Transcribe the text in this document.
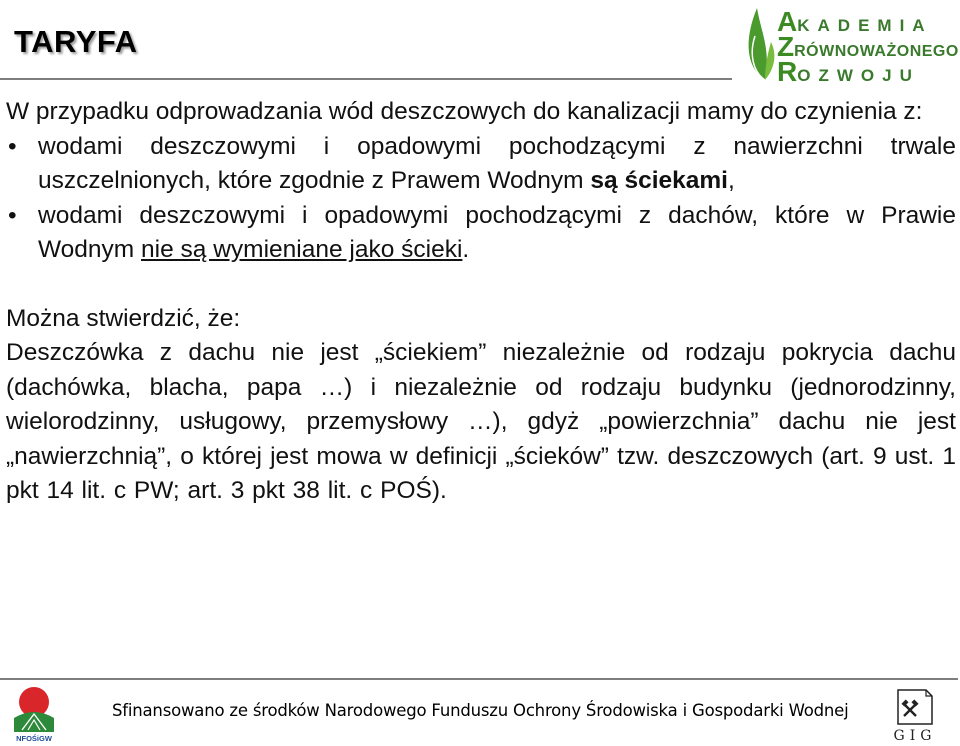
TARYFA
AKADEMIA
ZRÓWNOWAŻONEGO
ROZWOJU

W przypadku odprowadzania wód deszczowych do kanalizacji mamy do czynienia z:

• wodami deszczowymi i opadowymi pochodzącymi z nawierzchni trwale uszczelnionych, które zgodnie z Prawem Wodnym są ściekami,
• wodami deszczowymi i opadowymi pochodzącymi z dachów, które w Prawie Wodnym nie są wymieniane jako ścieki.

Można stwierdzić, że:

Deszczówka z dachu nie jest „ściekiem” niezależnie od rodzaju pokrycia dachu (dachówka, blacha, papa …) i niezależnie od rodzaju budynku (jednorodzinny, wielorodzinny, usługowy, przemysłowy …), gdyż „powierzchnia” dachu nie jest „nawierzchnią”, o której jest mowa w definicji „ścieków” tzw. deszczowych (art. 9 ust. 1 pkt 14 lit. c PW; art. 3 pkt 38 lit. c POŚ).

NFOŚiGW
Sfinansowano ze środków Narodowego Funduszu Ochrony Środowiska i Gospodarki Wodnej
GIG
